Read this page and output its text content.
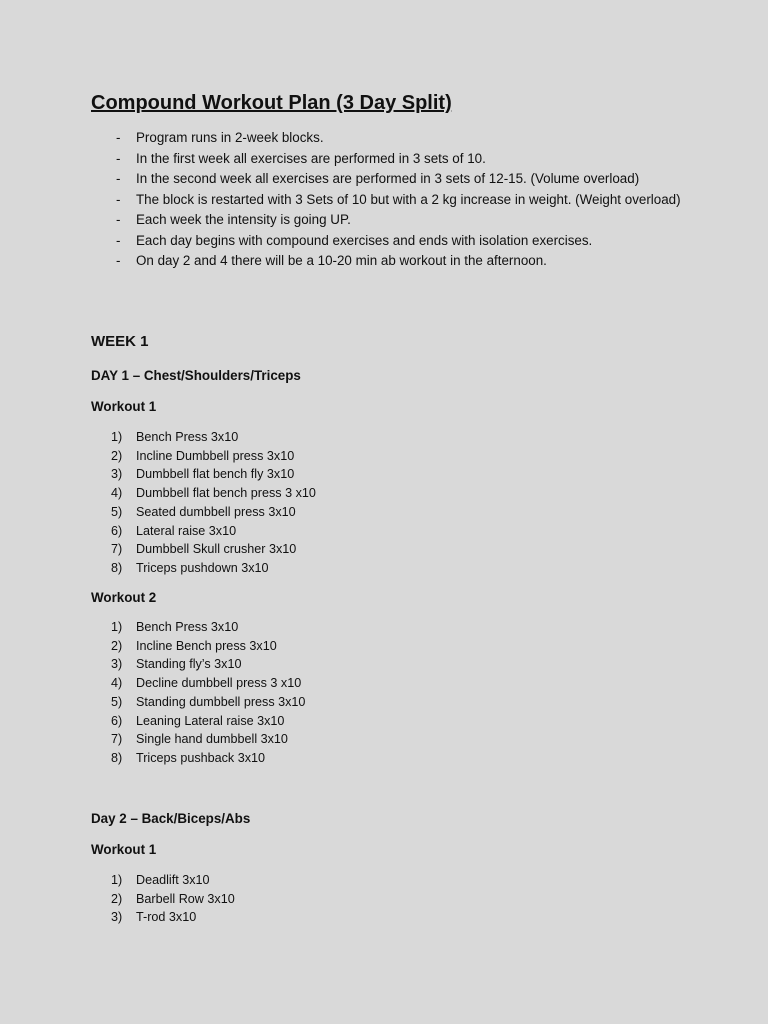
Compound Workout Plan (3 Day Split)
- Program runs in 2-week blocks.
- In the first week all exercises are performed in 3 sets of 10.
- In the second week all exercises are performed in 3 sets of 12-15. (Volume overload)
- The block is restarted with 3 Sets of 10 but with a 2 kg increase in weight. (Weight overload)
- Each week the intensity is going UP.
- Each day begins with compound exercises and ends with isolation exercises.
- On day 2 and 4 there will be a 10-20 min ab workout in the afternoon.
WEEK 1
DAY 1 – Chest/Shoulders/Triceps
Workout 1
1) Bench Press 3x10
2) Incline Dumbbell press 3x10
3) Dumbbell flat bench fly 3x10
4) Dumbbell flat bench press 3 x10
5) Seated dumbbell press 3x10
6) Lateral raise 3x10
7) Dumbbell Skull crusher 3x10
8) Triceps pushdown 3x10
Workout 2
1) Bench Press 3x10
2) Incline Bench press 3x10
3) Standing fly’s 3x10
4) Decline dumbbell press 3 x10
5) Standing dumbbell press 3x10
6) Leaning Lateral raise 3x10
7) Single hand dumbbell 3x10
8) Triceps pushback 3x10
Day 2 – Back/Biceps/Abs
Workout 1
1) Deadlift 3x10
2) Barbell Row 3x10
3) T-rod 3x10
